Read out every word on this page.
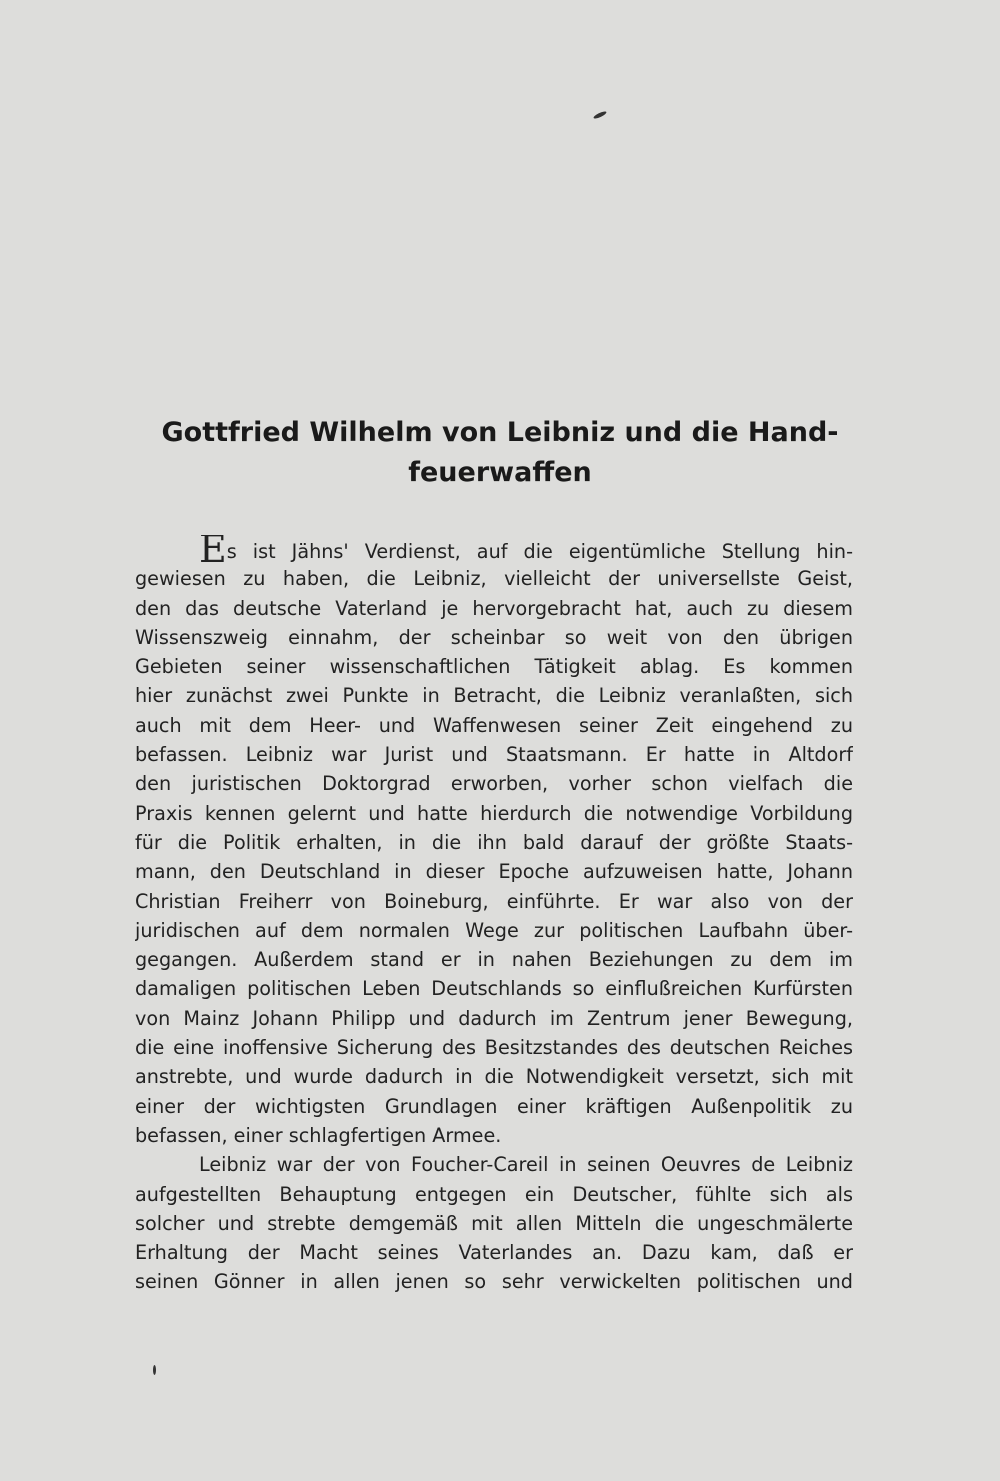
Gottfried Wilhelm von Leibniz und die Hand-
feuerwaffen
Es ist Jähns' Verdienst, auf die eigentümliche Stellung hin-
gewiesen zu haben, die Leibniz, vielleicht der universellste Geist,
den das deutsche Vaterland je hervorgebracht hat, auch zu diesem
Wissenszweig einnahm, der scheinbar so weit von den übrigen
Gebieten seiner wissenschaftlichen Tätigkeit ablag. Es kommen
hier zunächst zwei Punkte in Betracht, die Leibniz veranlaßten, sich
auch mit dem Heer- und Waffenwesen seiner Zeit eingehend zu
befassen. Leibniz war Jurist und Staatsmann. Er hatte in Altdorf
den juristischen Doktorgrad erworben, vorher schon vielfach die
Praxis kennen gelernt und hatte hierdurch die notwendige Vorbildung
für die Politik erhalten, in die ihn bald darauf der größte Staats-
mann, den Deutschland in dieser Epoche aufzuweisen hatte, Johann
Christian Freiherr von Boineburg, einführte. Er war also von der
juridischen auf dem normalen Wege zur politischen Laufbahn über-
gegangen. Außerdem stand er in nahen Beziehungen zu dem im
damaligen politischen Leben Deutschlands so einflußreichen Kurfürsten
von Mainz Johann Philipp und dadurch im Zentrum jener Bewegung,
die eine inoffensive Sicherung des Besitzstandes des deutschen Reiches
anstrebte, und wurde dadurch in die Notwendigkeit versetzt, sich mit
einer der wichtigsten Grundlagen einer kräftigen Außenpolitik zu
befassen, einer schlagfertigen Armee.
Leibniz war der von Foucher-Careil in seinen Oeuvres de Leibniz
aufgestellten Behauptung entgegen ein Deutscher, fühlte sich als
solcher und strebte demgemäß mit allen Mitteln die ungeschmälerte
Erhaltung der Macht seines Vaterlandes an. Dazu kam, daß er
seinen Gönner in allen jenen so sehr verwickelten politischen und
